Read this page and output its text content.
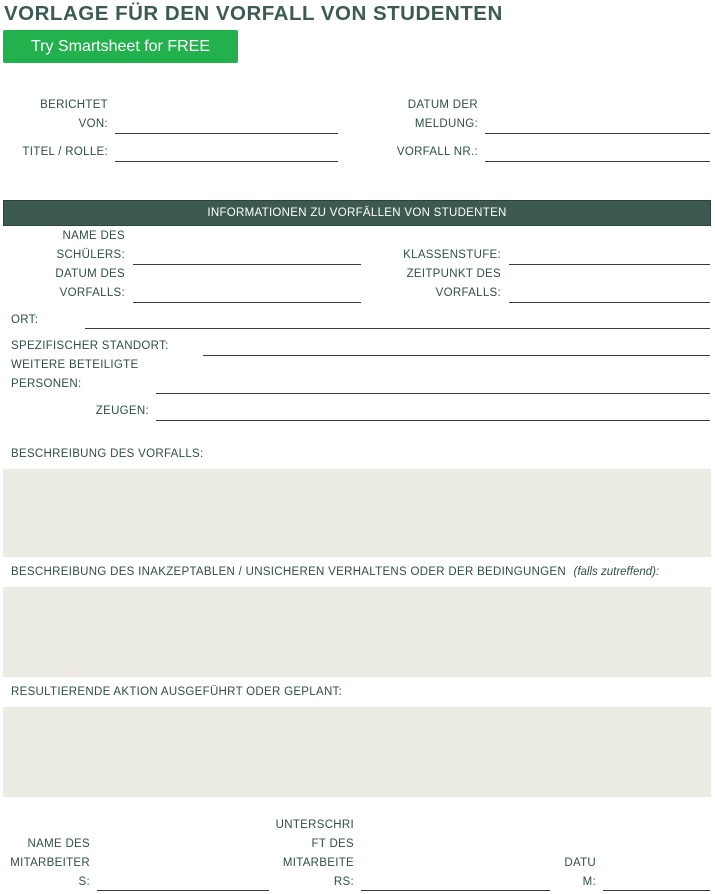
VORLAGE FÜR DEN VORFALL VON STUDENTEN
Try Smartsheet for FREE
BERICHTET
VON:
TITEL / ROLLE:
DATUM DER
MELDUNG:
VORFALL NR.:
INFORMATIONEN ZU VORFÄLLEN VON STUDENTEN
NAME DES
SCHÜLERS:	KLASSENSTUFE:
DATUM DES
VORFALLS:
ZEITPUNKT DES
VORFALLS:
ORT:
SPEZIFISCHER STANDORT:
WEITERE BETEILIGTE
PERSONEN:
ZEUGEN:
BESCHREIBUNG DES VORFALLS:
BESCHREIBUNG DES INAKZEPTABLEN / UNSICHEREN VERHALTENS ODER DER BEDINGUNGEN (falls zutreffend):
RESULTIERENDE AKTION AUSGEFÜHRT ODER GEPLANT:
NAME DES
MITARBEITER
S:
UNTERSCHRI
FT DES
MITARBEITE
RS:
DATU
M:
